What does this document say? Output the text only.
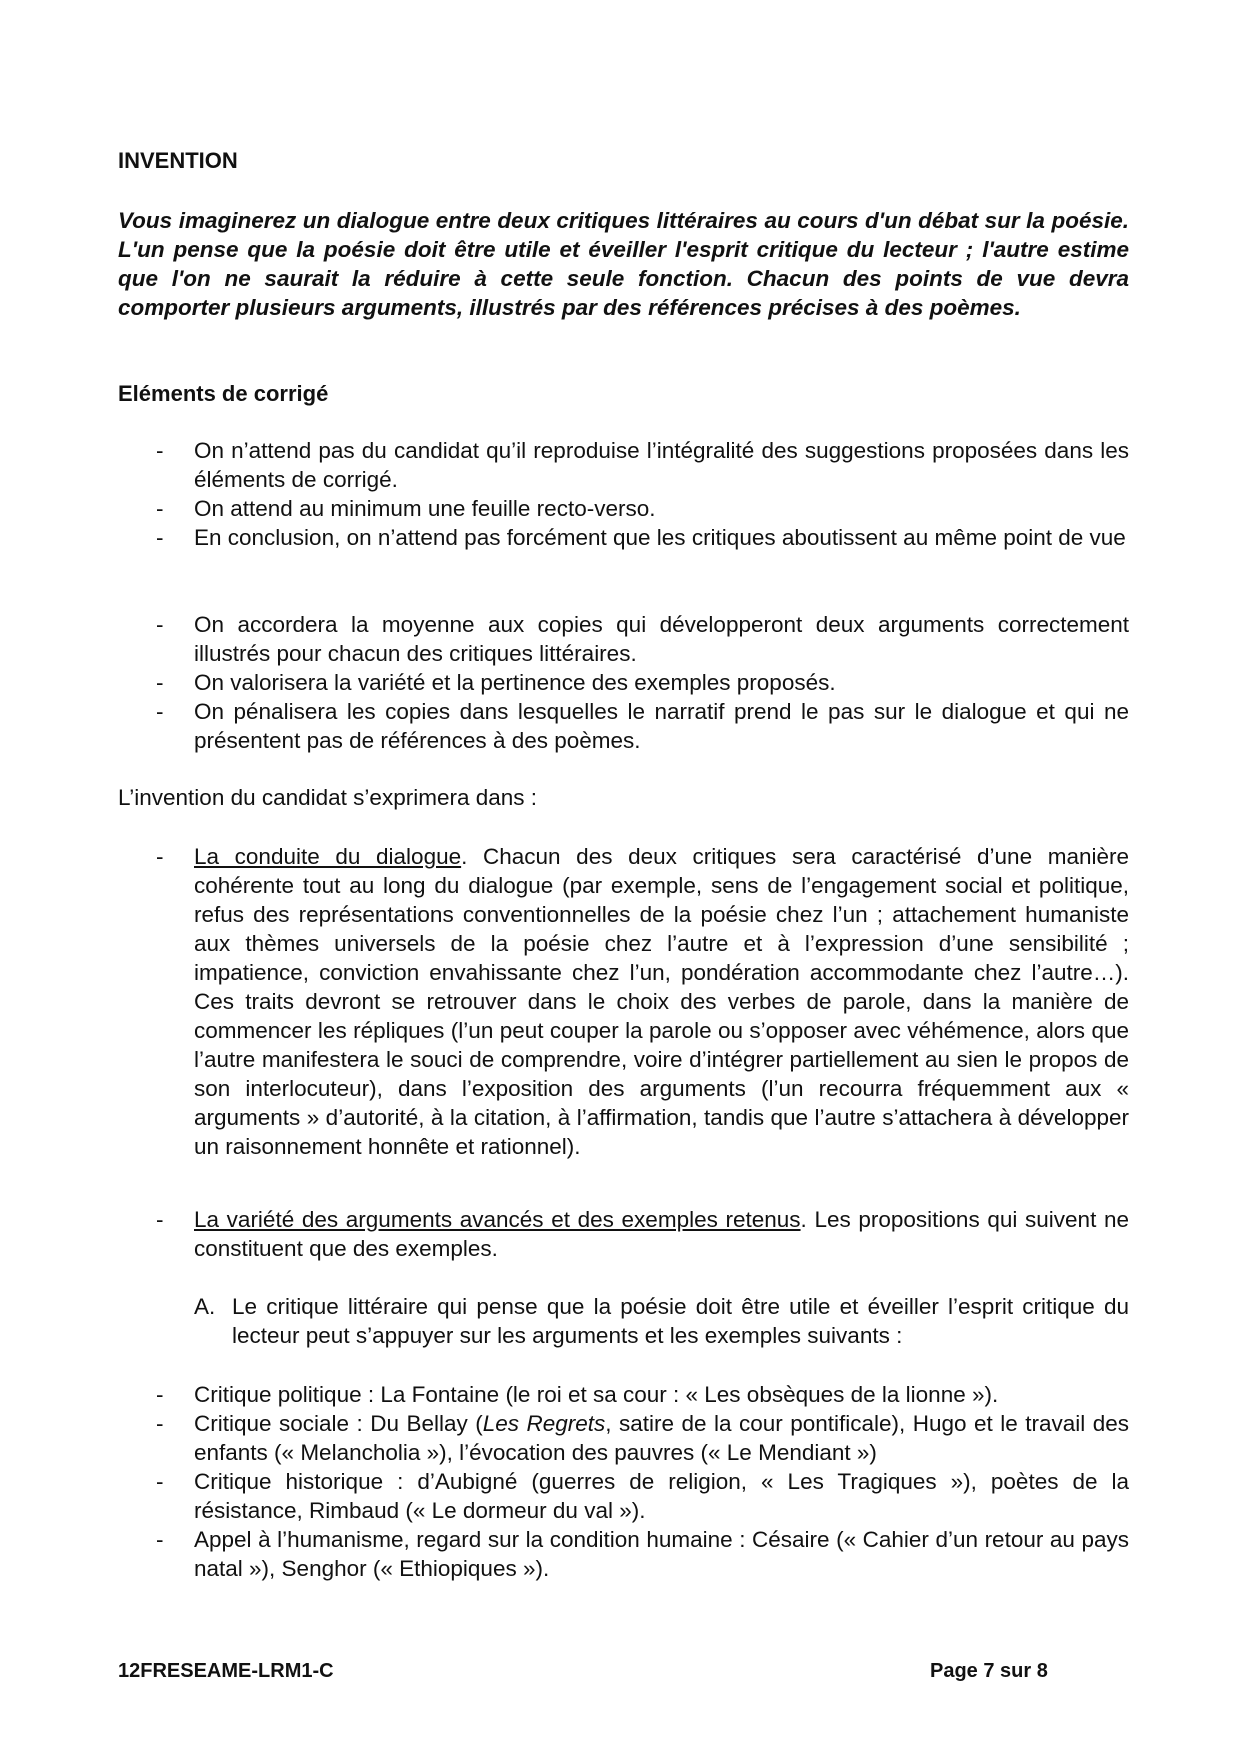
INVENTION
Vous imaginerez un dialogue entre deux critiques littéraires au cours d'un débat sur la poésie. L'un pense que la poésie doit être utile et éveiller l'esprit critique du lecteur ; l'autre estime que l'on ne saurait la réduire à cette seule fonction. Chacun des points de vue devra comporter plusieurs arguments, illustrés par des références précises à des poèmes.
Eléments de corrigé
- On n’attend pas du candidat qu’il reproduise l’intégralité des suggestions proposées dans les éléments de corrigé.
- On attend au minimum une feuille recto-verso.
- En conclusion, on n’attend pas forcément que les critiques aboutissent au même point de vue
- On accordera la moyenne aux copies qui développeront deux arguments correctement illustrés pour chacun des critiques littéraires.
- On valorisera la variété et la pertinence des exemples proposés.
- On pénalisera les copies dans lesquelles le narratif prend le pas sur le dialogue et qui ne présentent pas de références à des poèmes.
L’invention du candidat s’exprimera dans :
- La conduite du dialogue. Chacun des deux critiques sera caractérisé d’une manière cohérente tout au long du dialogue (par exemple, sens de l’engagement social et politique, refus des représentations conventionnelles de la poésie chez l’un ; attachement humaniste aux thèmes universels de la poésie chez l’autre et à l’expression d’une sensibilité ; impatience, conviction envahissante chez l’un, pondération accommodante chez l’autre…). Ces traits devront se retrouver dans le choix des verbes de parole, dans la manière de commencer les répliques (l’un peut couper la parole ou s’opposer avec véhémence, alors que l’autre manifestera le souci de comprendre, voire d’intégrer partiellement au sien le propos de son interlocuteur), dans l’exposition des arguments (l’un recourra fréquemment aux « arguments » d’autorité, à la citation, à l’affirmation, tandis que l’autre s’attachera à développer un raisonnement honnête et rationnel).
- La variété des arguments avancés et des exemples retenus. Les propositions qui suivent ne constituent que des exemples.
A. Le critique littéraire qui pense que la poésie doit être utile et éveiller l’esprit critique du lecteur peut s’appuyer sur les arguments et les exemples suivants :
- Critique politique : La Fontaine (le roi et sa cour : « Les obsèques de la lionne »).
- Critique sociale : Du Bellay (Les Regrets, satire de la cour pontificale), Hugo et le travail des enfants (« Melancholia »), l’évocation des pauvres (« Le Mendiant »)
- Critique historique : d’Aubigné (guerres de religion, « Les Tragiques »), poètes de la résistance, Rimbaud (« Le dormeur du val »).
- Appel à l’humanisme, regard sur la condition humaine : Césaire (« Cahier d’un retour au pays natal »), Senghor (« Ethiopiques »).
12FRESEAME-LRM1-C	Page 7 sur 8
